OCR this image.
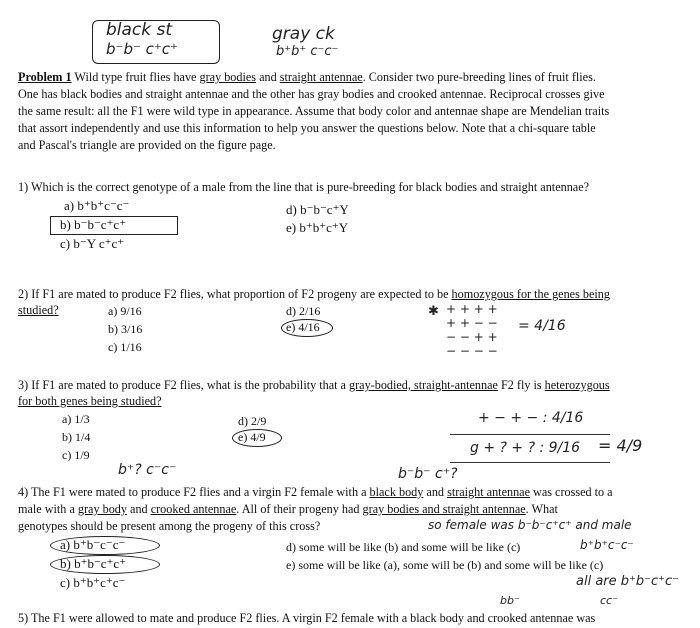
black st
b⁻b⁻ c⁺c⁺
gray ck
b⁺b⁺ c⁻c⁻
Problem 1 Wild type fruit flies have gray bodies and straight antennae. Consider two pure-breeding lines of fruit flies.
One has black bodies and straight antennae and the other has gray bodies and crooked antennae. Reciprocal crosses give
the same result: all the F1 were wild type in appearance. Assume that body color and antennae shape are Mendelian traits
that assort independently and use this information to help you answer the questions below. Note that a chi-square table
and Pascal's triangle are provided on the figure page.
1) Which is the correct genotype of a male from the line that is pure-breeding for black bodies and straight antennae?
a) b⁺b⁺c⁻c⁻
b) b⁻b⁻c⁺c⁺
c) b⁻Y c⁺c⁺
d) b⁻b⁻c⁺Y
e) b⁺b⁺c⁺Y
2) If F1 are mated to produce F2 flies, what proportion of F2 progeny are expected to be homozygous for the genes being
studied?	a) 9/16
b) 3/16
c) 1/16
d) 2/16
e) 4/16
✱ + + + +
+ + − −
− − + +
− − − −
= 4/16
3) If F1 are mated to produce F2 flies, what is the probability that a gray-bodied, straight-antennae F2 fly is heterozygous
for both genes being studied?
a) 1/3
b) 1/4
c) 1/9
d) 2/9
e) 4/9
+ − + − : 4/16
g + ? + ? : 9/16 = 4/9
b⁺? c⁻c⁻	b⁻b⁻ c⁺?
4) The F1 were mated to produce F2 flies and a virgin F2 female with a black body and straight antennae was crossed to a
male with a gray body and crooked antennae. All of their progeny had gray bodies and straight antennae. What
genotypes should be present among the progeny of this cross?	so female was b⁻b⁻c⁺c⁺ and male
a) b⁺b⁻c⁻c⁻
b) b⁺b⁻c⁺c⁺
c) b⁺b⁺c⁺c⁻
d) some will be like (b) and some will be like (c)
e) some will be like (a), some will be (b) and some will be like (c)
b⁺b⁺c⁻c⁻
all are b⁺b⁻c⁺c⁻
bb⁻	cc⁻
5) The F1 were allowed to mate and produce F2 flies. A virgin F2 female with a black body and crooked antennae was
